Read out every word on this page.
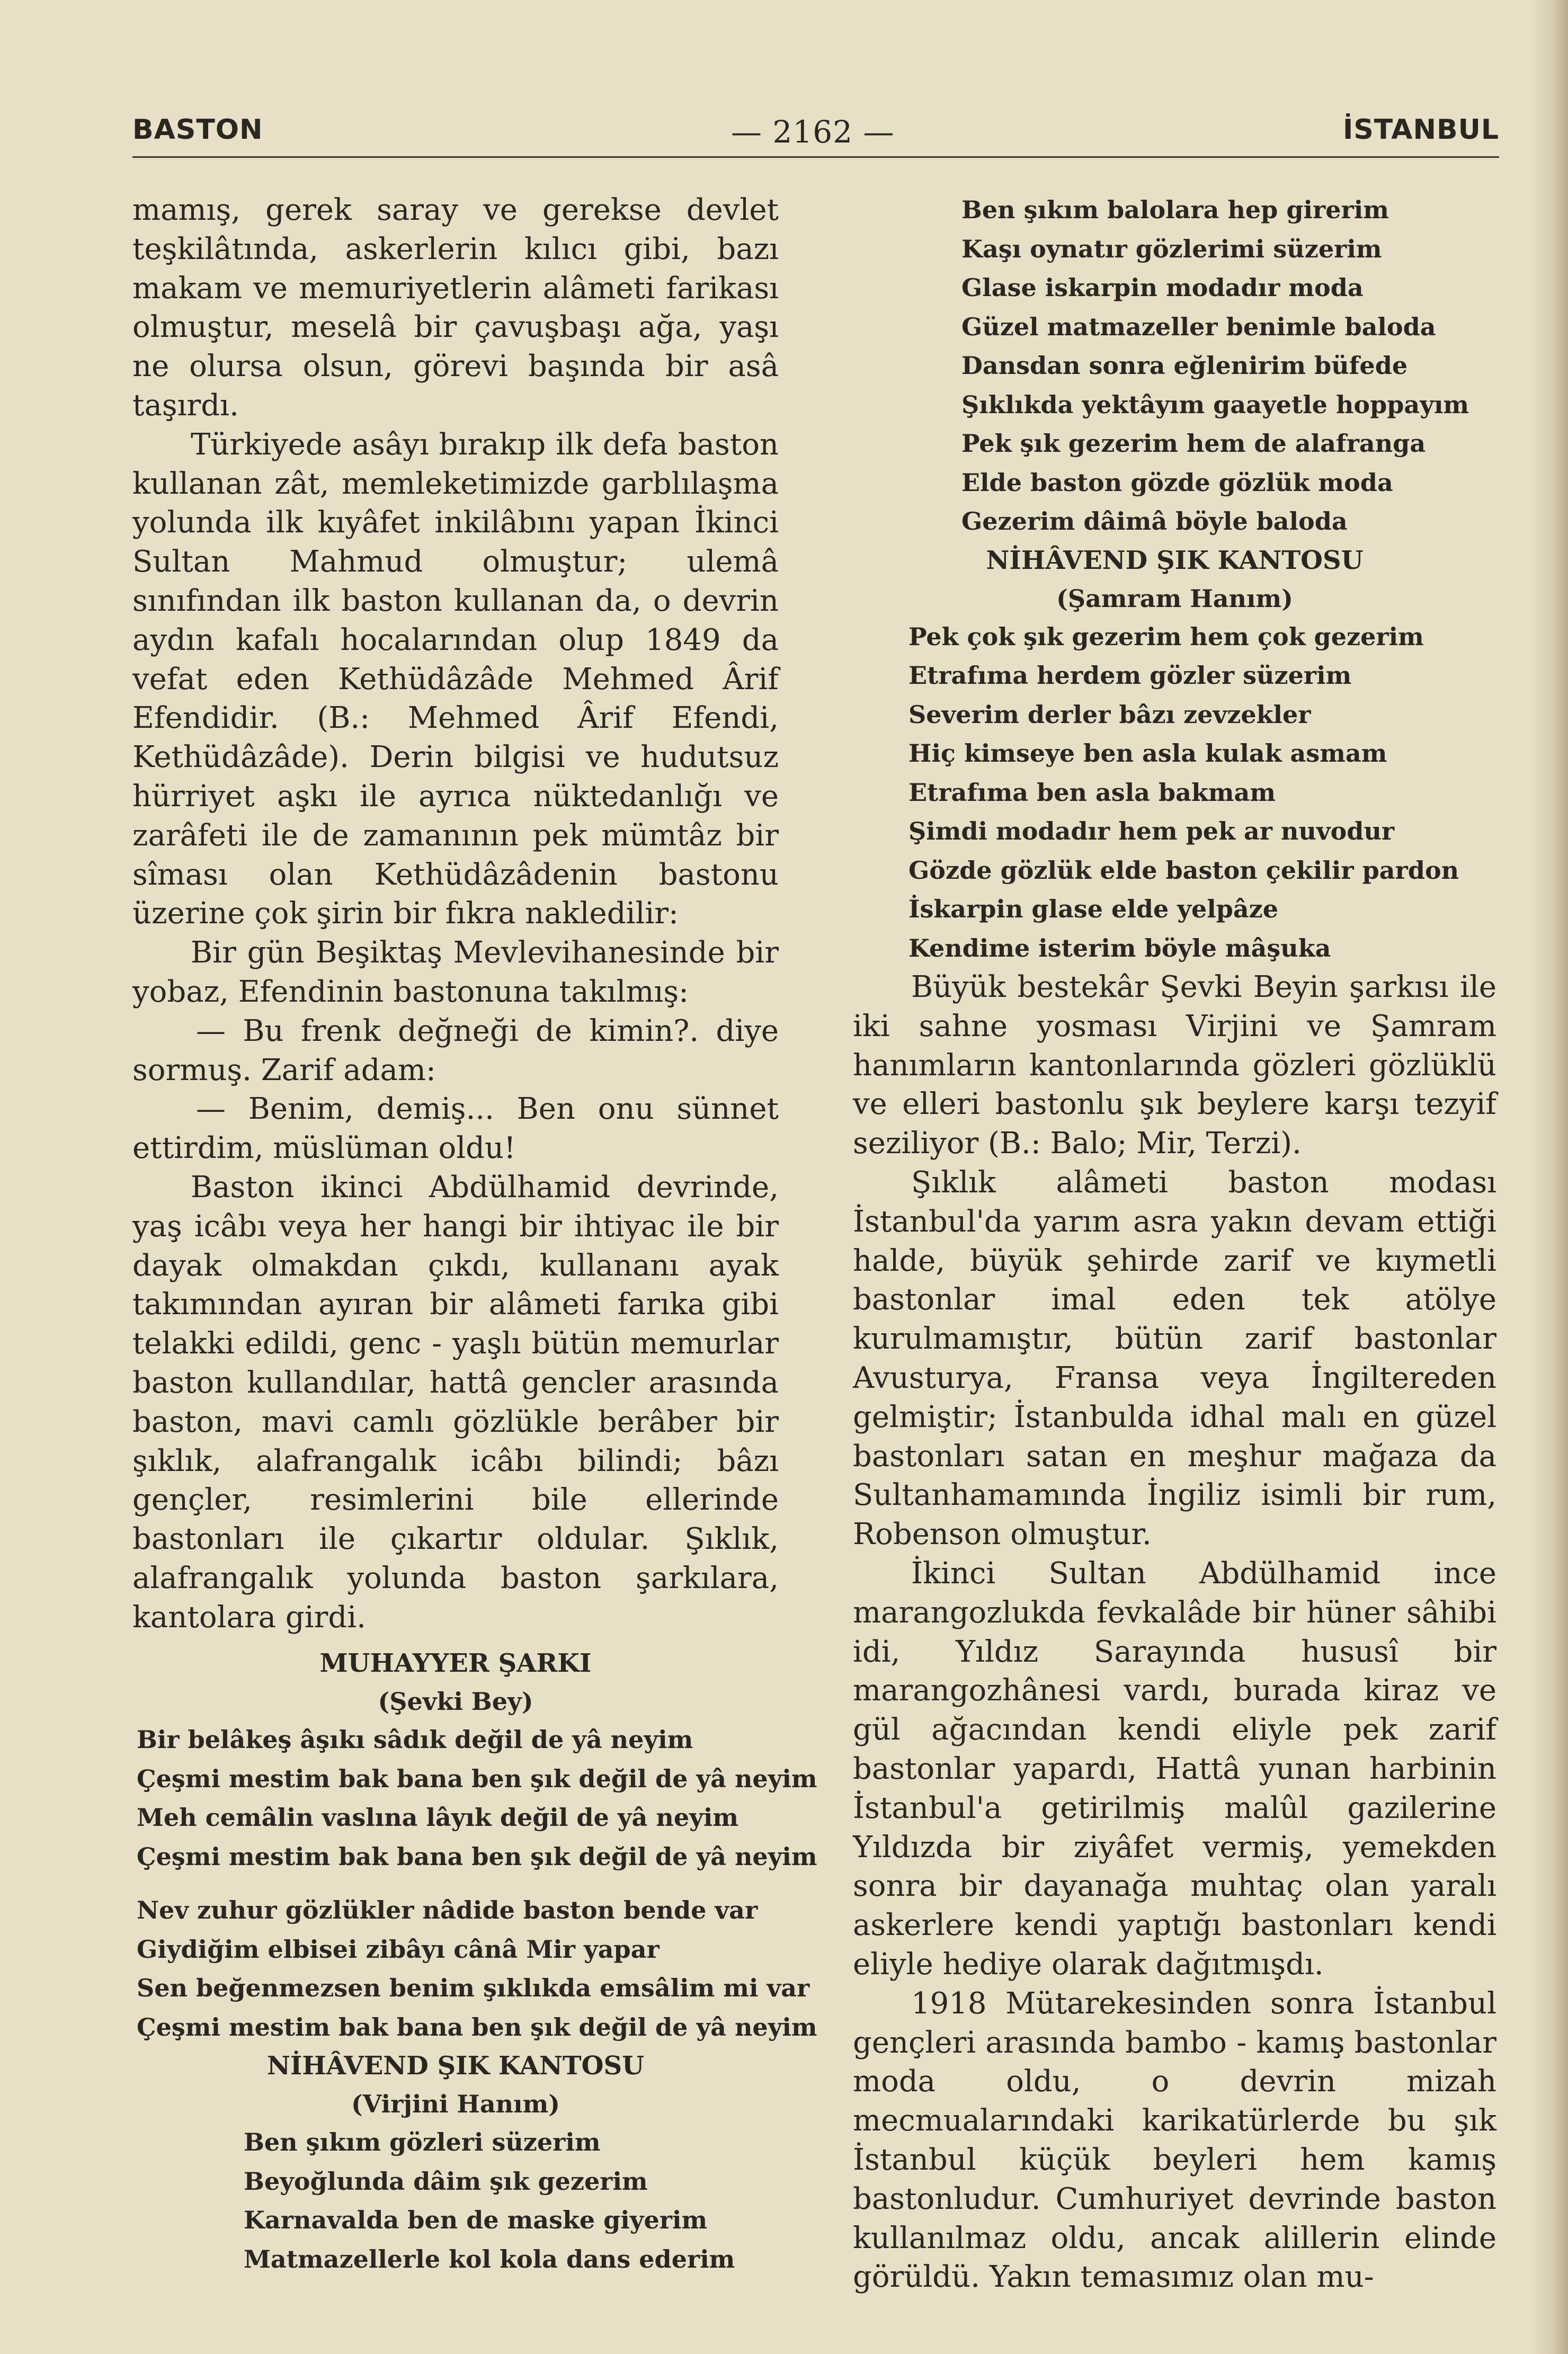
BASTON	— 2162 —	İSTANBUL

mamış, gerek saray ve gerekse devlet teşkilâtında, askerlerin kılıcı gibi, bazı makam ve memuriyetlerin alâmeti farikası olmuştur, meselâ bir çavuşbaşı ağa, yaşı ne olursa olsun, görevi başında bir asâ taşırdı.

Türkiyede asâyı bırakıp ilk defa baston kullanan zât, memleketimizde garblılaşma yolunda ilk kıyâfet inkilâbını yapan İkinci Sultan Mahmud olmuştur; ulemâ sınıfından ilk baston kullanan da, o devrin aydın kafalı hocalarından olup 1849 da vefat eden Kethüdâzâde Mehmed Ârif Efendidir. (B.: Mehmed Ârif Efendi, Kethüdâzâde). Derin bilgisi ve hudutsuz hürriyet aşkı ile ayrıca nüktedanlığı ve zarâfeti ile de zamanının pek mümtâz bir sîması olan Kethüdâzâdenin bastonu üzerine çok şirin bir fıkra nakledilir:

Bir gün Beşiktaş Mevlevihanesinde bir yobaz, Efendinin bastonuna takılmış:

— Bu frenk değneği de kimin?. diye sormuş. Zarif adam:

— Benim, demiş... Ben onu sünnet ettirdim, müslüman oldu!

Baston ikinci Abdülhamid devrinde, yaş icâbı veya her hangi bir ihtiyac ile bir dayak olmakdan çıkdı, kullananı ayak takımından ayıran bir alâmeti farıka gibi telakki edildi, genc - yaşlı bütün memurlar baston kullandılar, hattâ gencler arasında baston, mavi camlı gözlükle berâber bir şıklık, alafrangalık icâbı bilindi; bâzı gençler, resimlerini bile ellerinde bastonları ile çıkartır oldular. Şıklık, alafrangalık yolunda baston şarkılara, kantolara girdi.

MUHAYYER ŞARKI

(Şevki Bey)

Bir belâkeş âşıkı sâdık değil de yâ neyim

Çeşmi mestim bak bana ben şık değil de yâ neyim

Meh cemâlin vaslına lâyık değil de yâ neyim

Çeşmi mestim bak bana ben şık değil de yâ neyim

Nev zuhur gözlükler nâdide baston bende var

Giydiğim elbisei zibâyı cânâ Mir yapar

Sen beğenmezsen benim şıklıkda emsâlim mi var

Çeşmi mestim bak bana ben şık değil de yâ neyim

NİHÂVEND ŞIK KANTOSU

(Virjini Hanım)

Ben şıkım gözleri süzerim

Beyoğlunda dâim şık gezerim

Karnavalda ben de maske giyerim

Matmazellerle kol kola dans ederim

Ben şıkım balolara hep girerim

Kaşı oynatır gözlerimi süzerim

Glase iskarpin modadır moda

Güzel matmazeller benimle baloda

Dansdan sonra eğlenirim büfede

Şıklıkda yektâyım gaayetle hoppayım

Pek şık gezerim hem de alafranga

Elde baston gözde gözlük moda

Gezerim dâimâ böyle baloda

NİHÂVEND ŞIK KANTOSU

(Şamram Hanım)

Pek çok şık gezerim hem çok gezerim

Etrafıma herdem gözler süzerim

Severim derler bâzı zevzekler

Hiç kimseye ben asla kulak asmam

Etrafıma ben asla bakmam

Şimdi modadır hem pek ar nuvodur

Gözde gözlük elde baston çekilir pardon

İskarpin glase elde yelpâze

Kendime isterim böyle mâşuka

Büyük bestekâr Şevki Beyin şarkısı ile iki sahne yosması Virjini ve Şamram hanımların kantonlarında gözleri gözlüklü ve elleri bastonlu şık beylere karşı tezyif seziliyor (B.: Balo; Mir, Terzi).

Şıklık alâmeti baston modası İstanbul'da yarım asra yakın devam ettiği halde, büyük şehirde zarif ve kıymetli bastonlar imal eden tek atölye kurulmamıştır, bütün zarif bastonlar Avusturya, Fransa veya İngiltereden gelmiştir; İstanbulda idhal malı en güzel bastonları satan en meşhur mağaza da Sultanhamamında İngiliz isimli bir rum, Robenson olmuştur.

İkinci Sultan Abdülhamid ince marangozlukda fevkalâde bir hüner sâhibi idi, Yıldız Sarayında hususî bir marangozhânesi vardı, burada kiraz ve gül ağacından kendi eliyle pek zarif bastonlar yapardı, Hattâ yunan harbinin İstanbul'a getirilmiş malûl gazilerine Yıldızda bir ziyâfet vermiş, yemekden sonra bir dayanağa muhtaç olan yaralı askerlere kendi yaptığı bastonları kendi eliyle hediye olarak dağıtmışdı.

1918 Mütarekesinden sonra İstanbul gençleri arasında bambo - kamış bastonlar moda oldu, o devrin mizah mecmualarındaki karikatürlerde bu şık İstanbul küçük beyleri hem kamış bastonludur. Cumhuriyet devrinde baston kullanılmaz oldu, ancak alillerin elinde görüldü. Yakın temasımız olan mu-
